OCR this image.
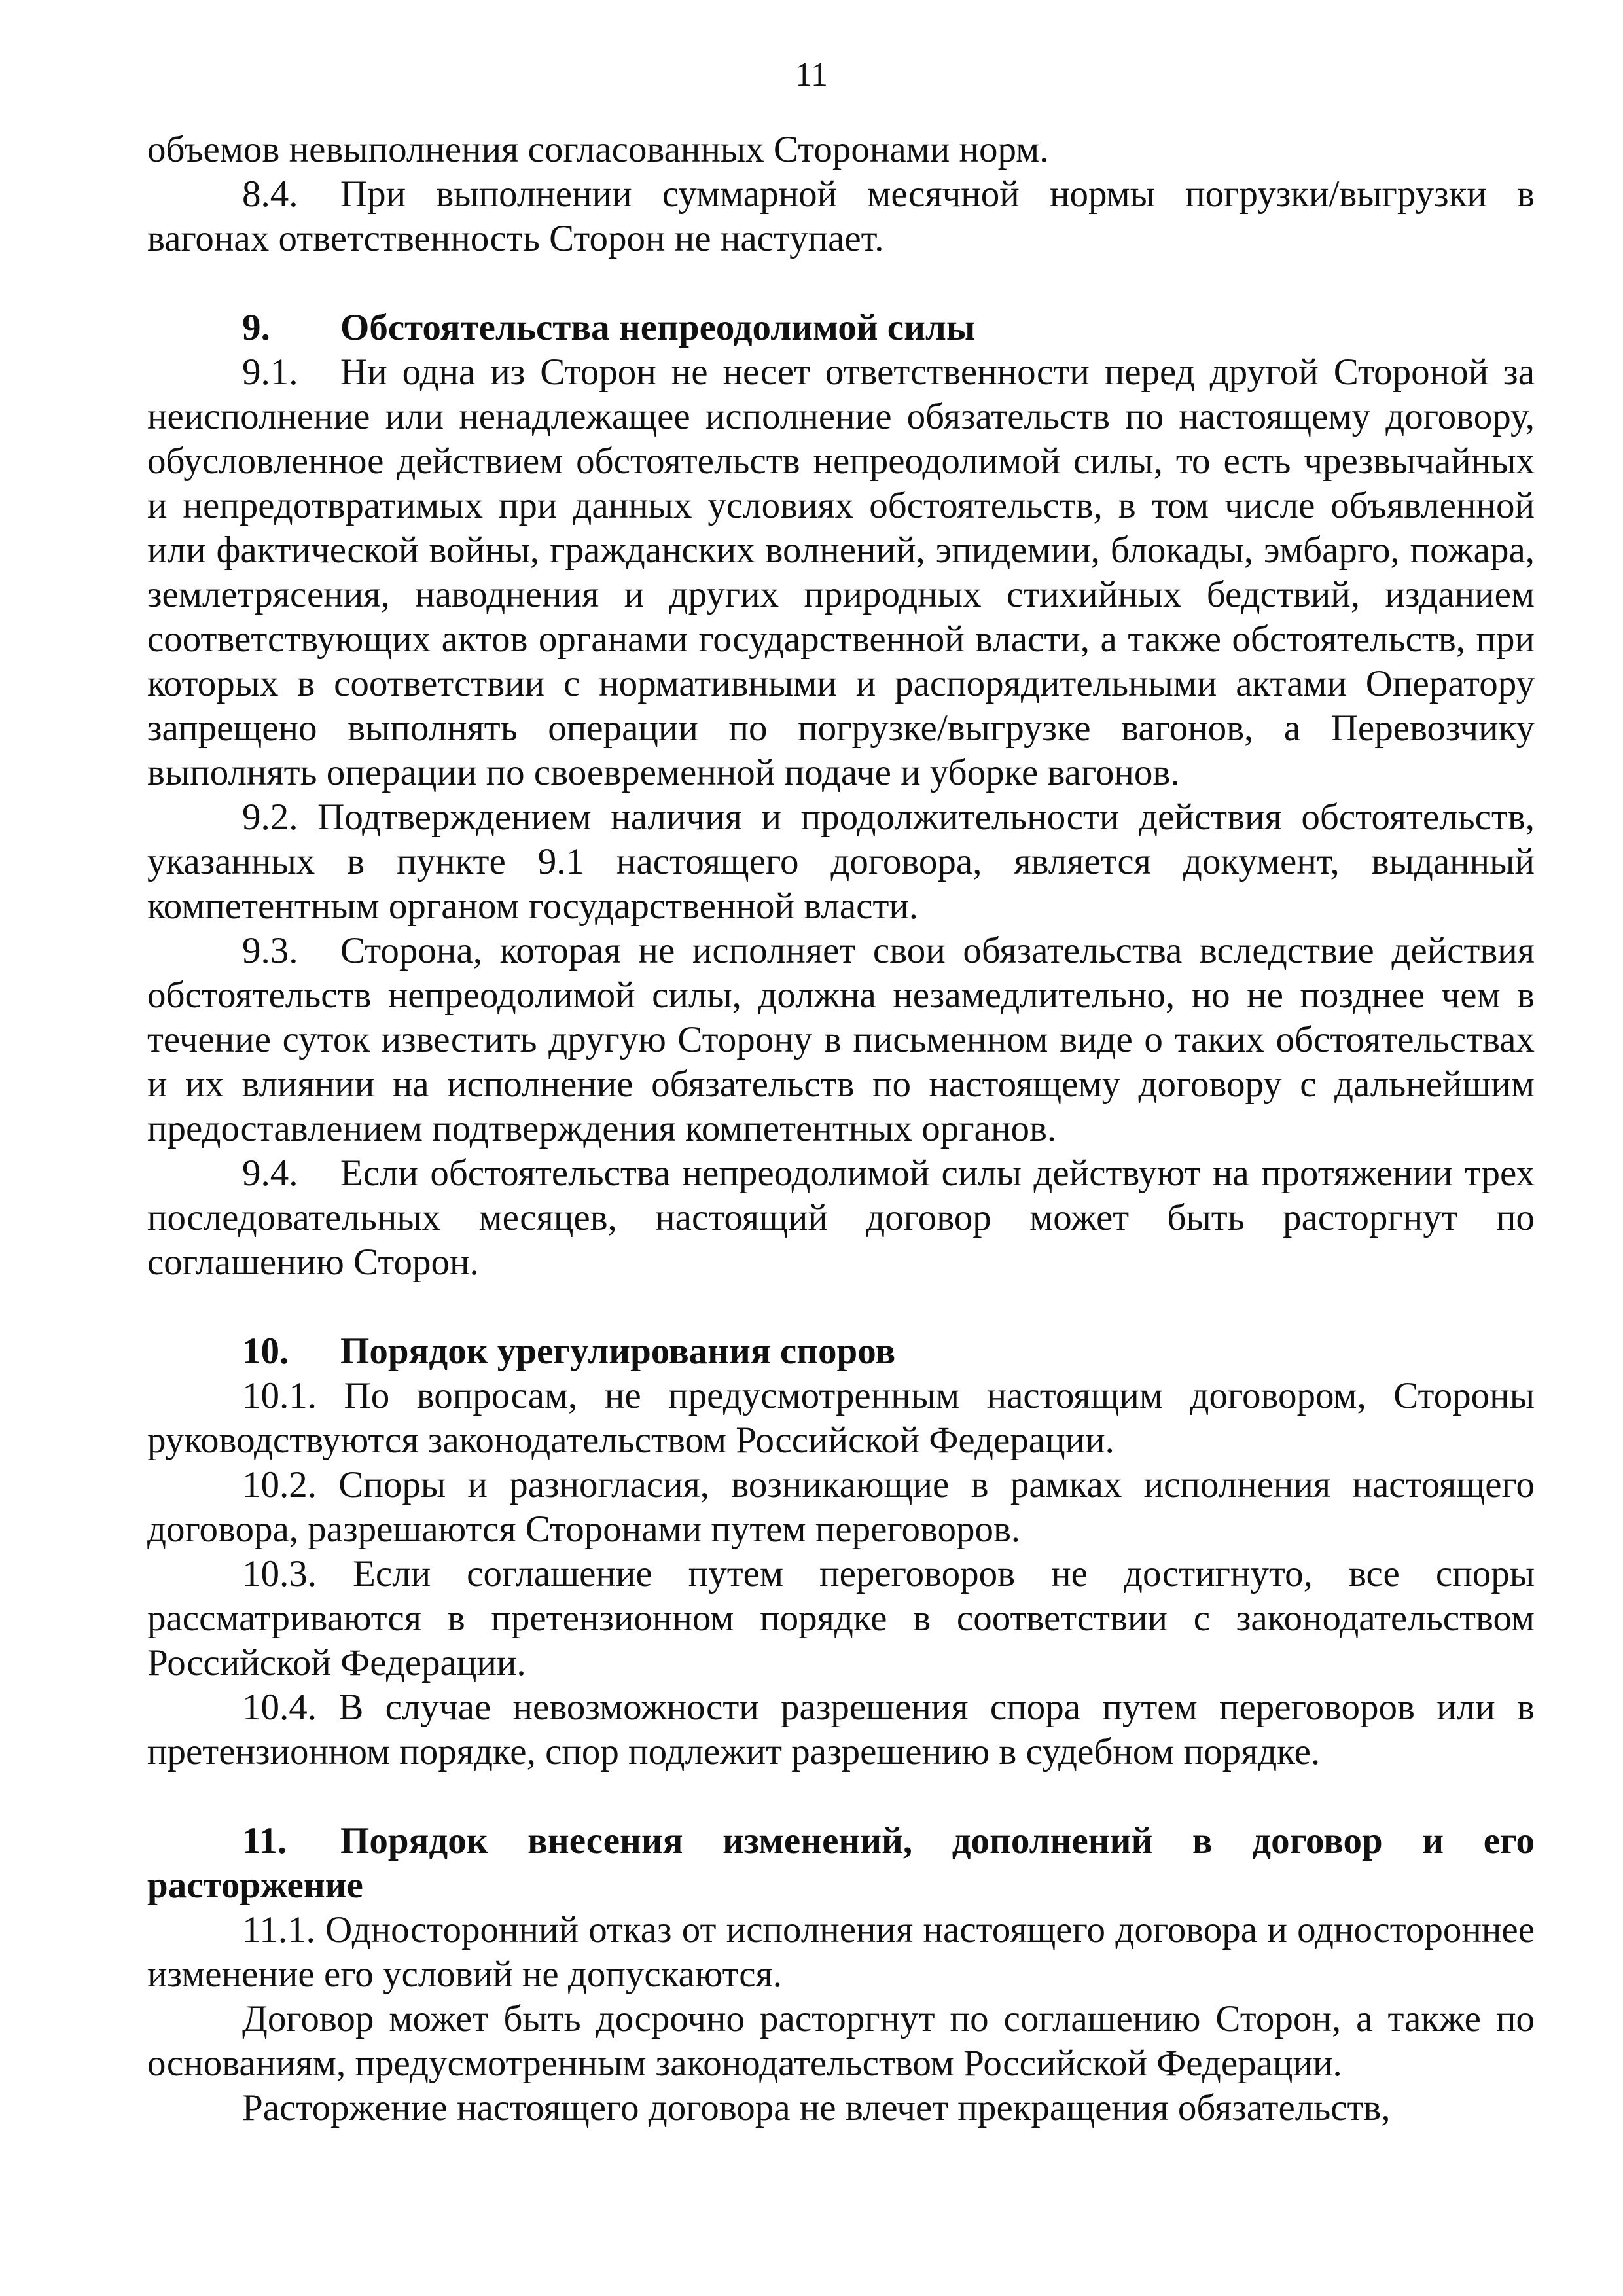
11

объемов невыполнения согласованных Сторонами норм.

8.4. При выполнении суммарной месячной нормы погрузки/выгрузки в вагонах ответственность Сторон не наступает.

9. Обстоятельства непреодолимой силы

9.1. Ни одна из Сторон не несет ответственности перед другой Стороной за неисполнение или ненадлежащее исполнение обязательств по настоящему договору, обусловленное действием обстоятельств непреодолимой силы, то есть чрезвычайных и непредотвратимых при данных условиях обстоятельств, в том числе объявленной или фактической войны, гражданских волнений, эпидемии, блокады, эмбарго, пожара, землетрясения, наводнения и других природных стихийных бедствий, изданием соответствующих актов органами государственной власти, а также обстоятельств, при которых в соответствии с нормативными и распорядительными актами Оператору запрещено выполнять операции по погрузке/выгрузке вагонов, а Перевозчику выполнять операции по своевременной подаче и уборке вагонов.

9.2. Подтверждением наличия и продолжительности действия обстоятельств, указанных в пункте 9.1 настоящего договора, является документ, выданный компетентным органом государственной власти.

9.3. Сторона, которая не исполняет свои обязательства вследствие действия обстоятельств непреодолимой силы, должна незамедлительно, но не позднее чем в течение суток известить другую Сторону в письменном виде о таких обстоятельствах и их влиянии на исполнение обязательств по настоящему договору с дальнейшим предоставлением подтверждения компетентных органов.

9.4. Если обстоятельства непреодолимой силы действуют на протяжении трех последовательных месяцев, настоящий договор может быть расторгнут по соглашению Сторон.

10. Порядок урегулирования споров

10.1. По вопросам, не предусмотренным настоящим договором, Стороны руководствуются законодательством Российской Федерации.

10.2. Споры и разногласия, возникающие в рамках исполнения настоящего договора, разрешаются Сторонами путем переговоров.

10.3. Если соглашение путем переговоров не достигнуто, все споры рассматриваются в претензионном порядке в соответствии с законодательством Российской Федерации.

10.4. В случае невозможности разрешения спора путем переговоров или в претензионном порядке, спор подлежит разрешению в судебном порядке.

11. Порядок внесения изменений, дополнений в договор и его расторжение

11.1. Односторонний отказ от исполнения настоящего договора и одностороннее изменение его условий не допускаются.

Договор может быть досрочно расторгнут по соглашению Сторон, а также по основаниям, предусмотренным законодательством Российской Федерации.

Расторжение настоящего договора не влечет прекращения обязательств,
